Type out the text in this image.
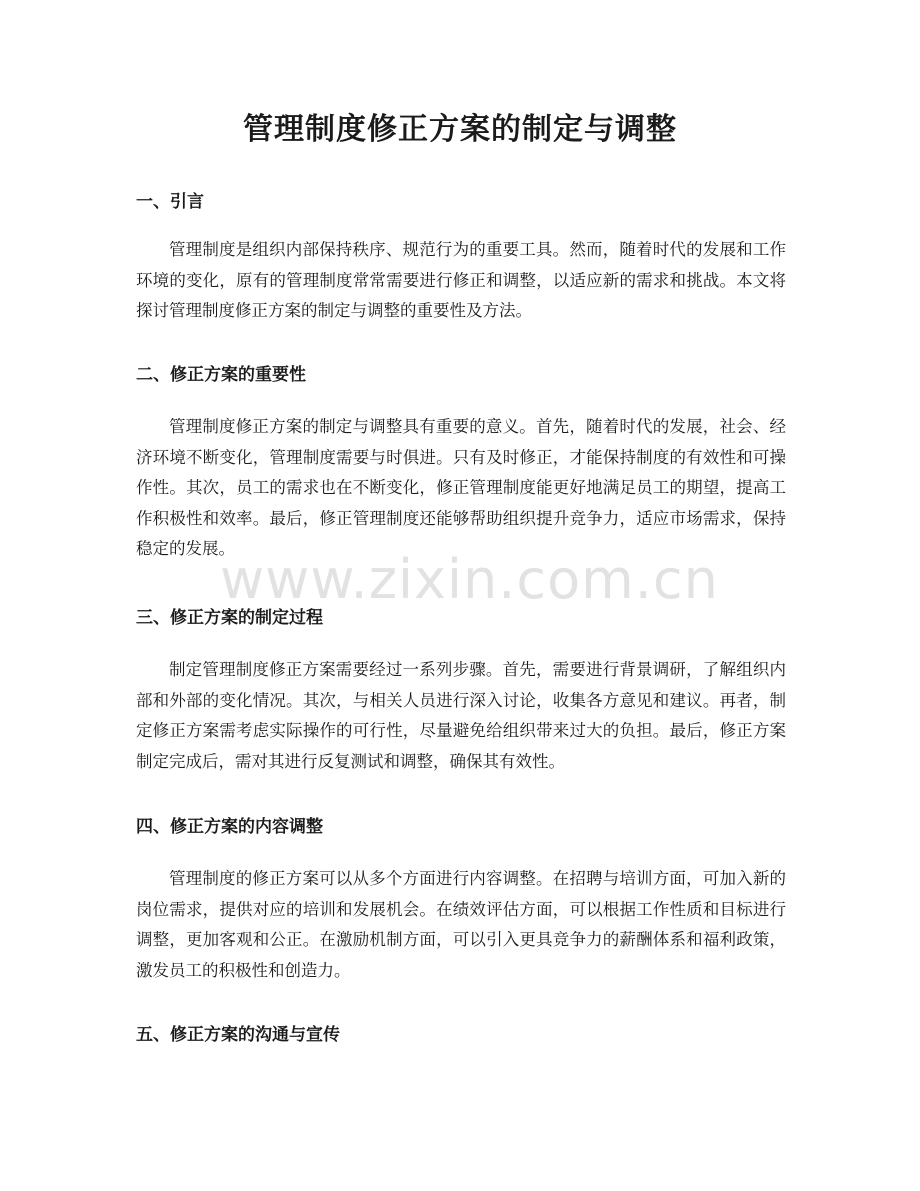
管理制度修正方案的制定与调整
一、引言

管理制度是组织内部保持秩序、规范行为的重要工具。然而，随着时代的发展和工作环境的变化，原有的管理制度常常需要进行修正和调整，以适应新的需求和挑战。本文将探讨管理制度修正方案的制定与调整的重要性及方法。

二、修正方案的重要性

管理制度修正方案的制定与调整具有重要的意义。首先，随着时代的发展，社会、经济环境不断变化，管理制度需要与时俱进。只有及时修正，才能保持制度的有效性和可操作性。其次，员工的需求也在不断变化，修正管理制度能更好地满足员工的期望，提高工作积极性和效率。最后，修正管理制度还能够帮助组织提升竞争力，适应市场需求，保持稳定的发展。

三、修正方案的制定过程

制定管理制度修正方案需要经过一系列步骤。首先，需要进行背景调研，了解组织内部和外部的变化情况。其次，与相关人员进行深入讨论，收集各方意见和建议。再者，制定修正方案需考虑实际操作的可行性，尽量避免给组织带来过大的负担。最后，修正方案制定完成后，需对其进行反复测试和调整，确保其有效性。

四、修正方案的内容调整

管理制度的修正方案可以从多个方面进行内容调整。在招聘与培训方面，可加入新的岗位需求，提供对应的培训和发展机会。在绩效评估方面，可以根据工作性质和目标进行调整，更加客观和公正。在激励机制方面，可以引入更具竞争力的薪酬体系和福利政策，激发员工的积极性和创造力。

五、修正方案的沟通与宣传
www.zixin.com.cn
